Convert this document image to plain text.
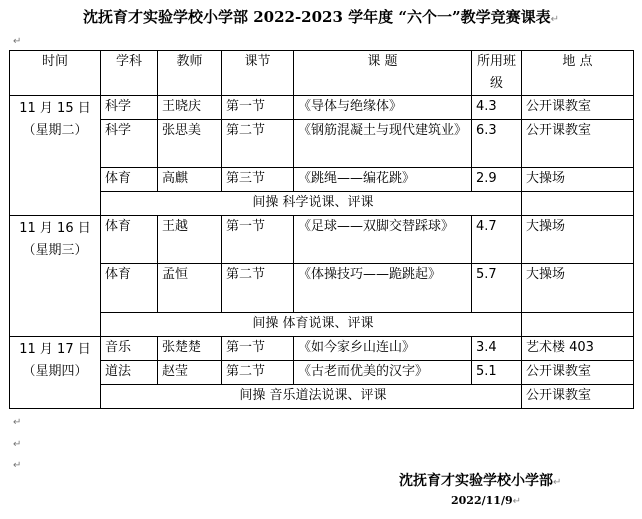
沈抚育才实验学校小学部 2022-2023 学年度 “六个一”教学竞赛课表↵
↵
时间	学科	教师	课节	课 题	所用班级	地 点

11 月 15 日
（星期二）	科学	王晓庆	第一节	《导体与绝缘体》	4.3	公开课教室
	科学	张思美	第二节	《钢筋混凝土与现代建筑业》	6.3	公开课教室
	体育	高麒	第三节	《跳绳——编花跳》	2.9	大操场
	间操 科学说课、评课					

11 月 16 日
（星期三）	体育	王越	第一节	《足球——双脚交替踩球》	4.7	大操场
	体育	孟恒	第二节	《体操技巧——跪跳起》	5.7	大操场
	间操 体育说课、评课					

11 月 17 日
（星期四）	音乐	张楚楚	第一节	《如今家乡山连山》	3.4	艺术楼 403
	道法	赵莹	第二节	《古老而优美的汉字》	5.1	公开课教室
	间操 音乐道法说课、评课					公开课教室
↵
↵
↵
沈抚育才实验学校小学部↵
2022/11/9↵
